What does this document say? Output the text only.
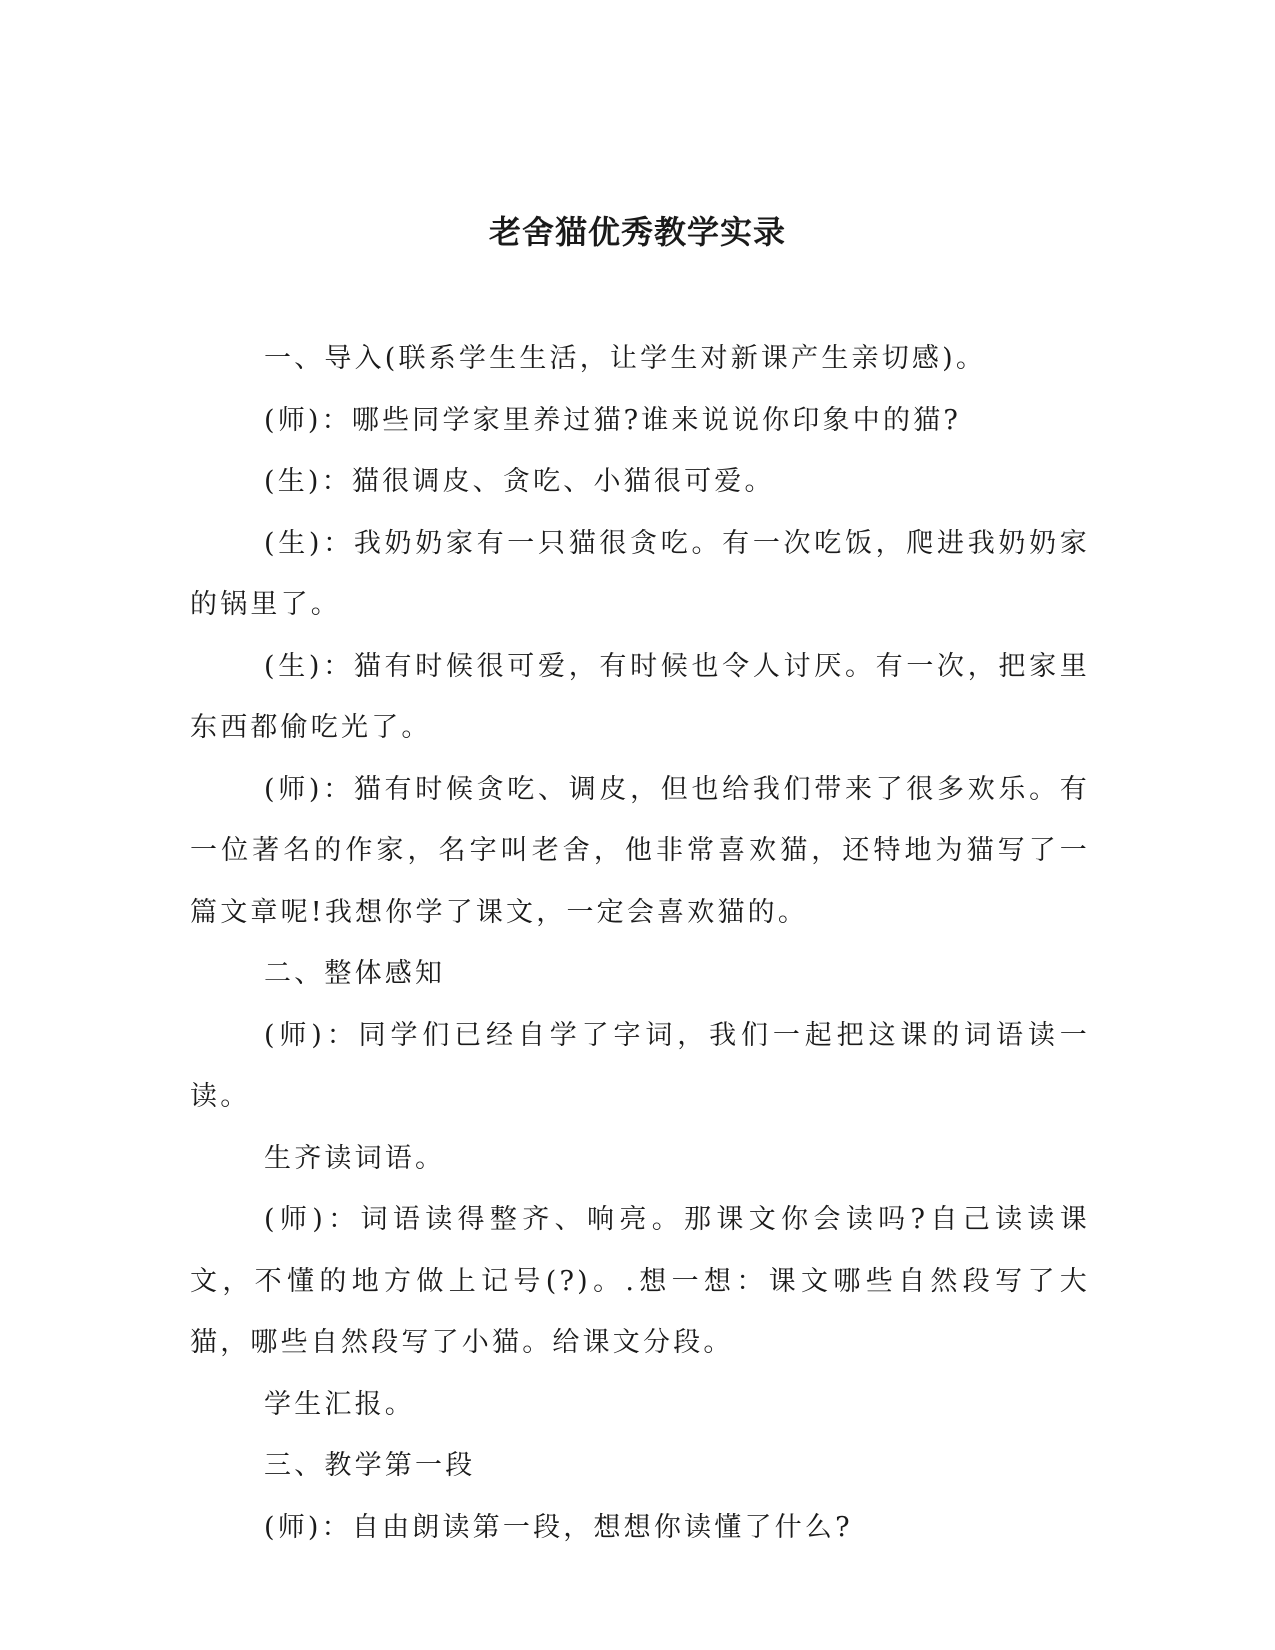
老舍猫优秀教学实录

一、导入(联系学生生活，让学生对新课产生亲切感)。

(师)：哪些同学家里养过猫?谁来说说你印象中的猫?

(生)：猫很调皮、贪吃、小猫很可爱。

(生)：我奶奶家有一只猫很贪吃。有一次吃饭，爬进我奶奶家的锅里了。

(生)：猫有时候很可爱，有时候也令人讨厌。有一次，把家里东西都偷吃光了。

(师)：猫有时候贪吃、调皮，但也给我们带来了很多欢乐。有一位著名的作家，名字叫老舍，他非常喜欢猫，还特地为猫写了一篇文章呢!我想你学了课文，一定会喜欢猫的。

二、整体感知

(师)：同学们已经自学了字词，我们一起把这课的词语读一读。

生齐读词语。

(师)：词语读得整齐、响亮。那课文你会读吗?自己读读课文，不懂的地方做上记号(?)。.想一想：课文哪些自然段写了大猫，哪些自然段写了小猫。给课文分段。

学生汇报。

三、教学第一段

(师)：自由朗读第一段，想想你读懂了什么?
